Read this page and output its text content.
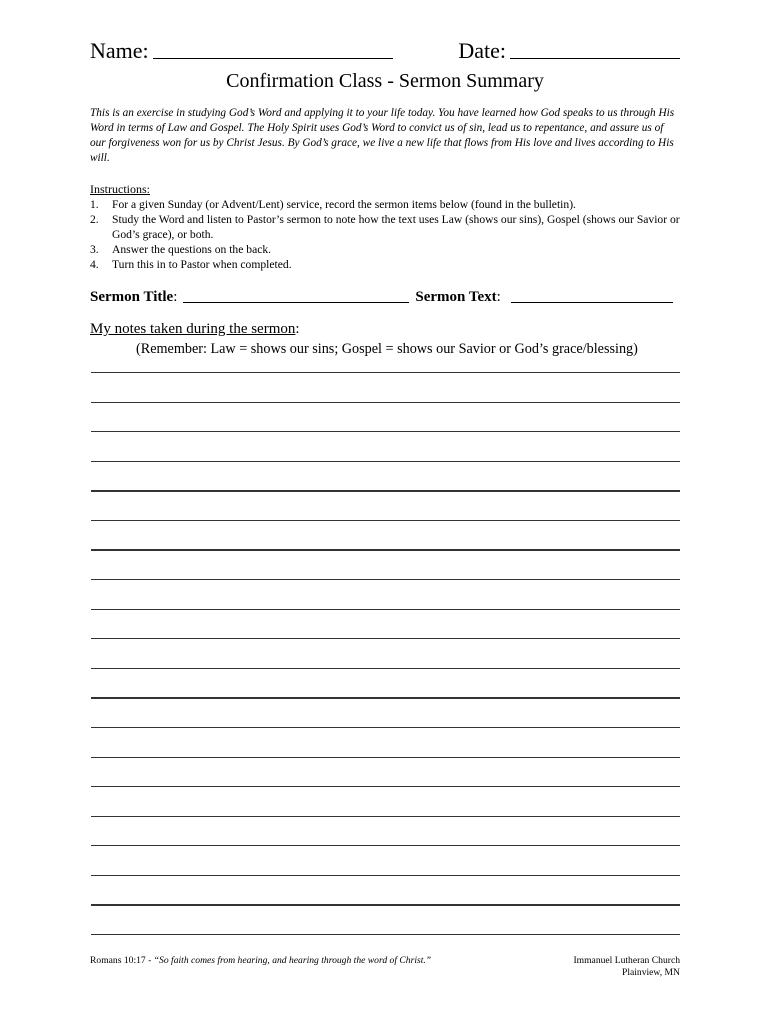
Name:	Date:
Confirmation Class - Sermon Summary
This is an exercise in studying God’s Word and applying it to your life today. You have learned how God speaks to us through His Word in terms of Law and Gospel. The Holy Spirit uses God’s Word to convict us of sin, lead us to repentance, and assure us of our forgiveness won for us by Christ Jesus. By God’s grace, we live a new life that flows from His love and lives according to His will.
Instructions:
1.	For a given Sunday (or Advent/Lent) service, record the sermon items below (found in the bulletin).
2.	Study the Word and listen to Pastor’s sermon to note how the text uses Law (shows our sins), Gospel (shows our Savior or God’s grace), or both.
3.	Answer the questions on the back.
4.	Turn this in to Pastor when completed.
Sermon Title :	Sermon Text :
My notes taken during the sermon:
(Remember: Law = shows our sins; Gospel = shows our Savior or God’s grace/blessing)
Romans 10:17 - “So faith comes from hearing, and hearing through the word of Christ.”	Immanuel Lutheran Church
Plainview, MN
